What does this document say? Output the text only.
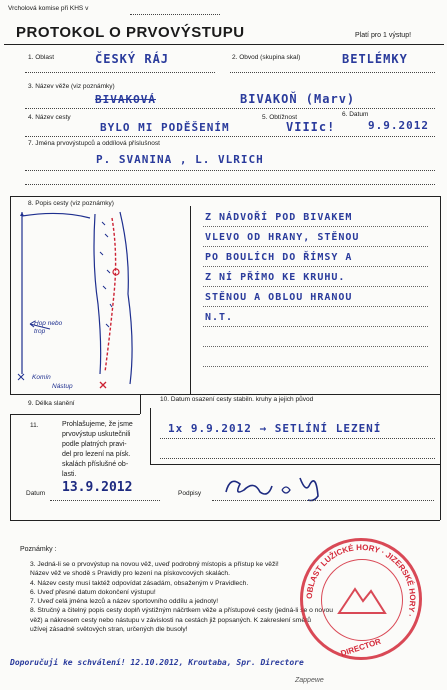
Vrcholová komise při KHS v
PROTOKOL O PRVOVÝSTUPU	Platí pro 1 výstup!
1. Oblast	ČESKÝ RÁJ	2. Obvod (skupina skal)	BETLÉMKY
3. Název věže (viz poznámky)
BIVAKOVÁ	BIVAKOŇ (Marv)
4. Název cesty
BYLO MI PODĚŠENÍM
5. Obtížnost
VIIIc!
6. Datum
9.9.2012
7. Jména prvovýstupců a oddílová příslušnost
P. SVANINA , L. VLRICH
8. Popis cesty (viz poznámky)
Hop nebo
trop
Komín
Nástup
Z NÁDVOŘÍ POD BIVAKEM
VLEVO OD HRANY, STĚNOU
PO BOULÍCH DO ŘÍMSY A
Z NÍ PŘÍMO KE KRUHU.
STĚNOU A OBLOU HRANOU
N.T.
9. Délka slanění
10. Datum osazení cesty stabiln. kruhy a jejich původ
11.	Prohlašujeme, že jsme
prvovýstup uskutečnili
podle platných pravi-
del pro lezení na písk.
skalách příslušné ob-
lasti.
1x 9.9.2012 → SETLÍNÍ LEZENÍ
Datum 13.9.2012	Podpisy
Poznámky :
3. Jedná-li se o prvovýstup na novou věž, uveď podrobný místopis a přístup ke věži!
Název věž ve shodě s Pravidly pro lezení na pískovcových skalách.
4. Název cesty musí taktéž odpovídat zásadám, obsaženým v Pravidlech.
6. Uveď přesné datum dokončení výstupu!
7. Uveď celá jména lezců a název sportovního oddílu a jednoty!
8. Stručný a čitelný popis cesty doplň výstižným náčrtkem věže a přístupové cesty (jedná-li se o novou
věž) a nákresem cesty nebo nástupu v závislosti na cestách již popsaných. K zakreslení směrů
užívej zásadně světových stran, určených dle busoly!
OBLAST LUŽICKÉ HORY · JIZERSKÉ HORY ·
DIRECTOR
Doporučuji ke schválení! 12.10.2012, Kroutaba, Spr. Directore
Zappewe
